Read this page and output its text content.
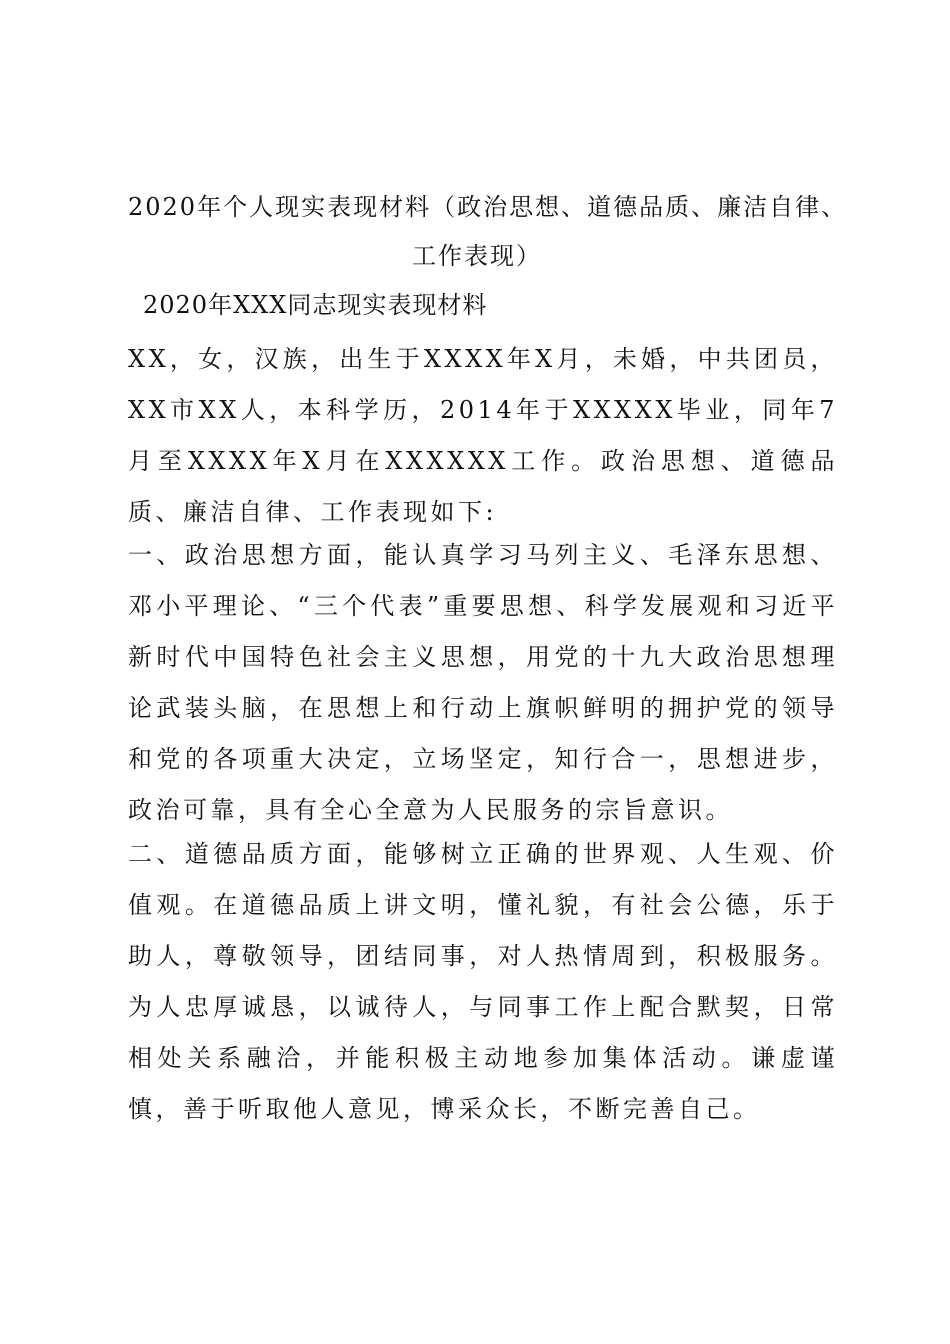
2020年个人现实表现材料（政治思想、道德品质、廉洁自律、
工作表现）
2020年XXX同志现实表现材料

XX，女，汉族，出生于XXXX年X月，未婚，中共团员，XX市XX人，本科学历，2014年于XXXXX毕业，同年7月至XXXX年X月在XXXXXX工作。政治思想、道德品质、廉洁自律、工作表现如下:

一、政治思想方面，能认真学习马列主义、毛泽东思想、邓小平理论、“三个代表”重要思想、科学发展观和习近平新时代中国特色社会主义思想，用党的十九大政治思想理论武装头脑，在思想上和行动上旗帜鲜明的拥护党的领导和党的各项重大决定，立场坚定，知行合一，思想进步，政治可靠，具有全心全意为人民服务的宗旨意识。

二、道德品质方面，能够树立正确的世界观、人生观、价值观。在道德品质上讲文明，懂礼貌，有社会公德，乐于助人，尊敬领导，团结同事，对人热情周到，积极服务。为人忠厚诚恳，以诚待人，与同事工作上配合默契，日常相处关系融洽，并能积极主动地参加集体活动。谦虚谨慎，善于听取他人意见，博采众长，不断完善自己。
